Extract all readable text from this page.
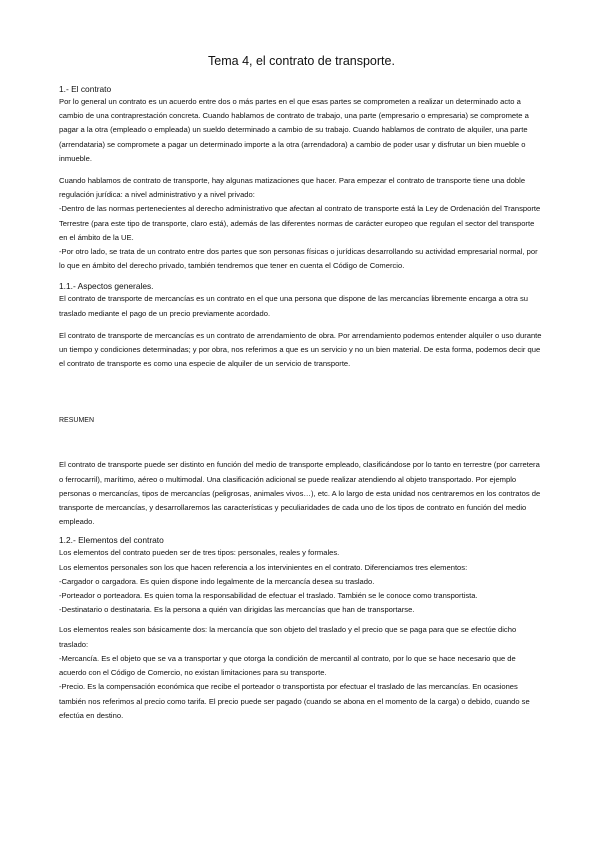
Tema 4, el contrato de transporte.
1.- El contrato

Por lo general un contrato es un acuerdo entre dos o más partes en el que esas partes se comprometen a realizar un determinado acto a cambio de una contraprestación concreta. Cuando hablamos de contrato de trabajo, una parte (empresario o empresaria) se compromete a pagar a la otra (empleado o empleada) un sueldo determinado a cambio de su trabajo. Cuando hablamos de contrato de alquiler, una parte (arrendataria) se compromete a pagar un determinado importe a la otra (arrendadora) a cambio de poder usar y disfrutar un bien mueble o inmueble.

Cuando hablamos de contrato de transporte, hay algunas matizaciones que hacer. Para empezar el contrato de transporte tiene una doble regulación jurídica: a nivel administrativo y a nivel privado:

-Dentro de las normas pertenecientes al derecho administrativo que afectan al contrato de transporte está la Ley de Ordenación del Transporte Terrestre (para este tipo de transporte, claro está), además de las diferentes normas de carácter europeo que regulan el sector del transporte en el ámbito de la UE.

-Por otro lado, se trata de un contrato entre dos partes que son personas físicas o jurídicas desarrollando su actividad empresarial normal, por lo que en ámbito del derecho privado, también tendremos que tener en cuenta el Código de Comercio.

1.1.- Aspectos generales.

El contrato de transporte de mercancías es un contrato en el que una persona que dispone de las mercancías libremente encarga a otra su traslado mediante el pago de un precio previamente acordado.

El contrato de transporte de mercancías es un contrato de arrendamiento de obra. Por arrendamiento podemos entender alquiler o uso durante un tiempo y condiciones determinadas; y por obra, nos referimos a que es un servicio y no un bien material. De esta forma, podemos decir que el contrato de transporte es como una especie de alquiler de un servicio de transporte.

RESUMEN

El contrato de transporte puede ser distinto en función del medio de transporte empleado, clasificándose por lo tanto en terrestre (por carretera o ferrocarril), marítimo, aéreo o multimodal. Una clasificación adicional se puede realizar atendiendo al objeto transportado. Por ejemplo personas o mercancías, tipos de mercancías (peligrosas, animales vivos…), etc. A lo largo de esta unidad nos centraremos en los contratos de transporte de mercancías, y desarrollaremos las características y peculiaridades de cada uno de los tipos de contrato en función del medio empleado.

1.2.- Elementos del contrato

Los elementos del contrato pueden ser de tres tipos: personales, reales y formales.

Los elementos personales son los que hacen referencia a los intervinientes en el contrato. Diferenciamos tres elementos:

-Cargador o cargadora. Es quien dispone indo legalmente de la mercancía desea su traslado.

-Porteador o porteadora. Es quien toma la responsabilidad de efectuar el traslado. También se le conoce como transportista.

-Destinatario o destinataria. Es la persona a quién van dirigidas las mercancías que han de transportarse.

Los elementos reales son básicamente dos: la mercancía que son objeto del traslado y el precio que se paga para que se efectúe dicho traslado:

-Mercancía. Es el objeto que se va a transportar y que otorga la condición de mercantil al contrato, por lo que se hace necesario que de acuerdo con el Código de Comercio, no existan limitaciones para su transporte.

-Precio. Es la compensación económica que recibe el porteador o transportista por efectuar el traslado de las mercancías. En ocasiones también nos referimos al precio como tarifa. El precio puede ser pagado (cuando se abona en el momento de la carga) o debido, cuando se efectúa en destino.
